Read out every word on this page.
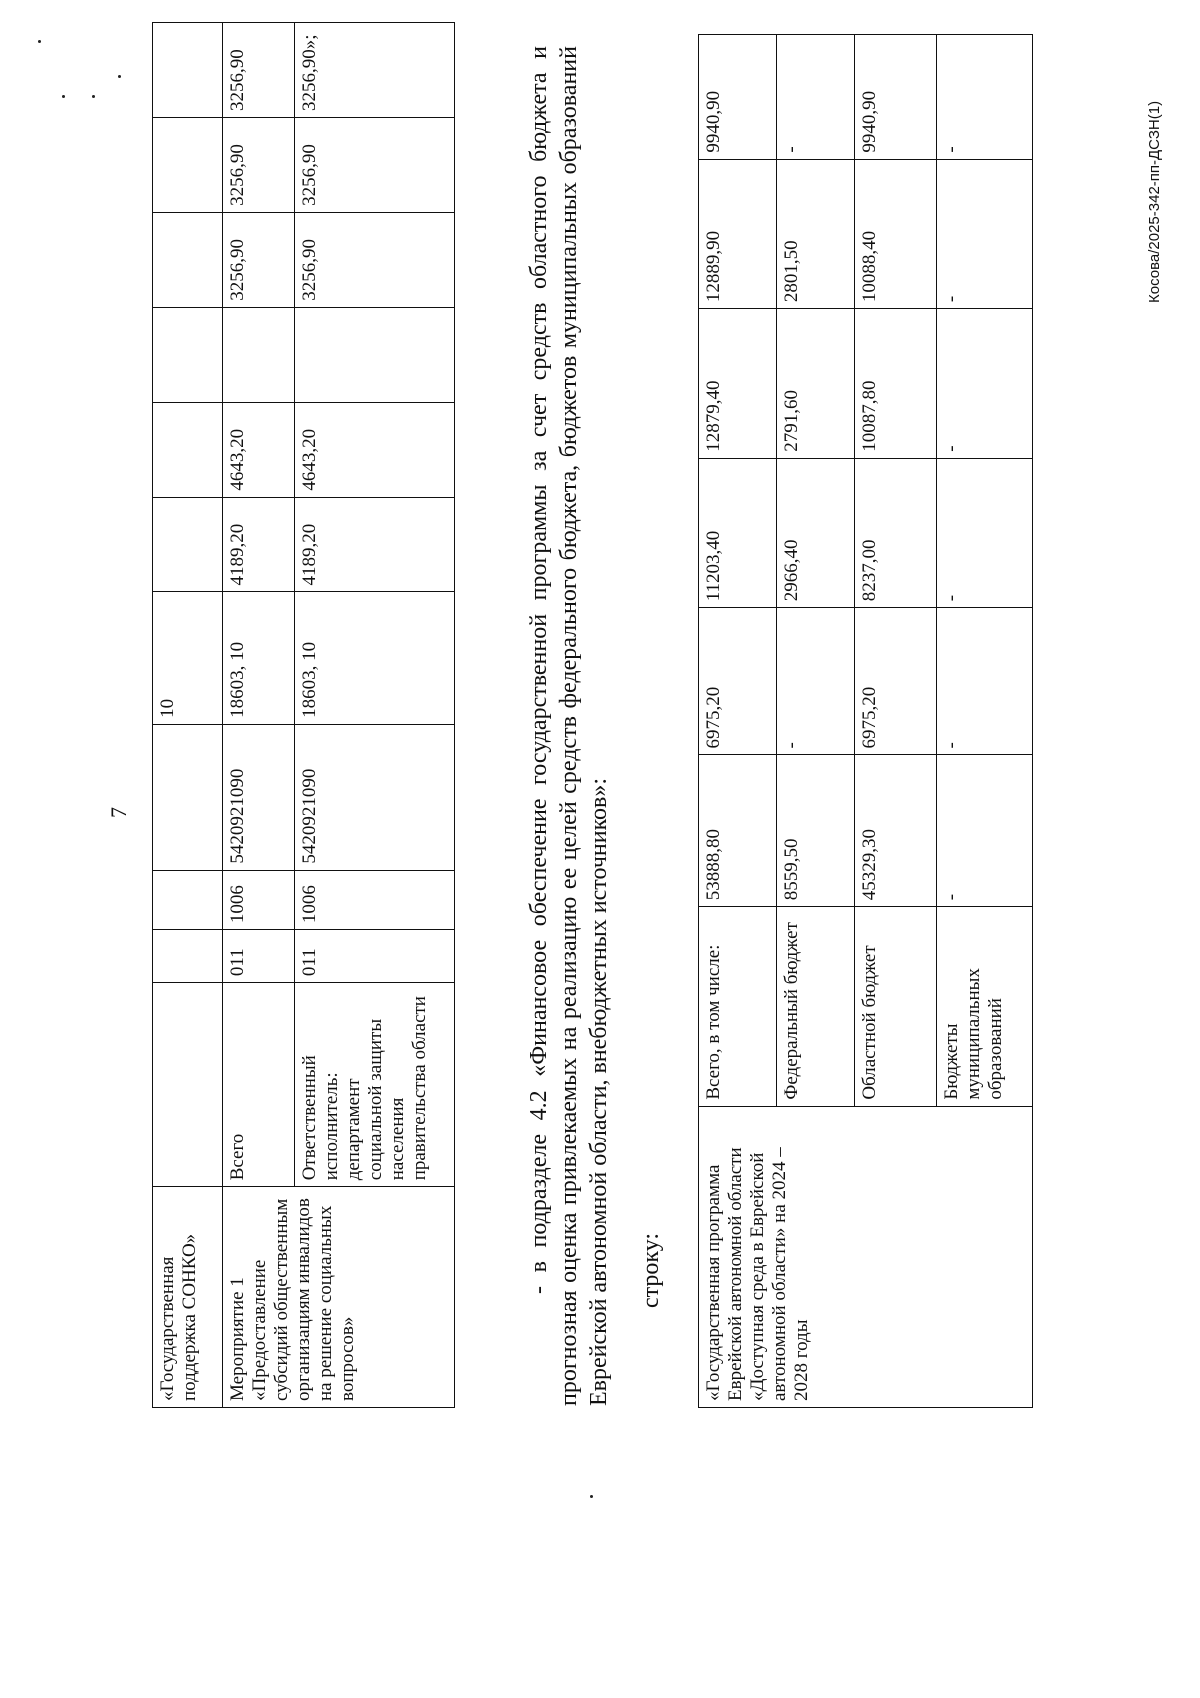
7
«Государственная поддержка СОНКО»					10						
Мероприятие 1 «Предоставление субсидий общественным организациям инвалидов на решение социальных вопросов»	Всего	011	1006	5420921090	18603, 10	4189,20	4643,20		3256,90	3256,90	3256,90
	Ответственный исполнитель: департамент социальной защиты населения правительства области	011	1006	5420921090	18603, 10	4189,20	4643,20		3256,90	3256,90	3256,90»;	- в подразделе 4.2 «Финансовое обеспечение государственной программы за счет средств областного бюджета и прогнозная оценка привлекаемых на реализацию ее целей средств федерального бюджета, бюджетов муниципальных образований Еврейской автономной области, внебюджетных источников»: строку: «Государственная программа Еврейской автономной области «Доступная среда в Еврейской автономной области» на 2024 – 2028 годы	Всего, в том числе:	53888,80	6975,20	11203,40	12879,40	12889,90	9940,90
	Федеральный бюджет	8559,50	-	2966,40	2791,60	2801,50	-
	Областной бюджет	45329,30	6975,20	8237,00	10087,80	10088,40	9940,90
	Бюджеты муниципальных образований	-	-	-	-	-	-	Косова/2025-342-пп-ДСЗН(1)
